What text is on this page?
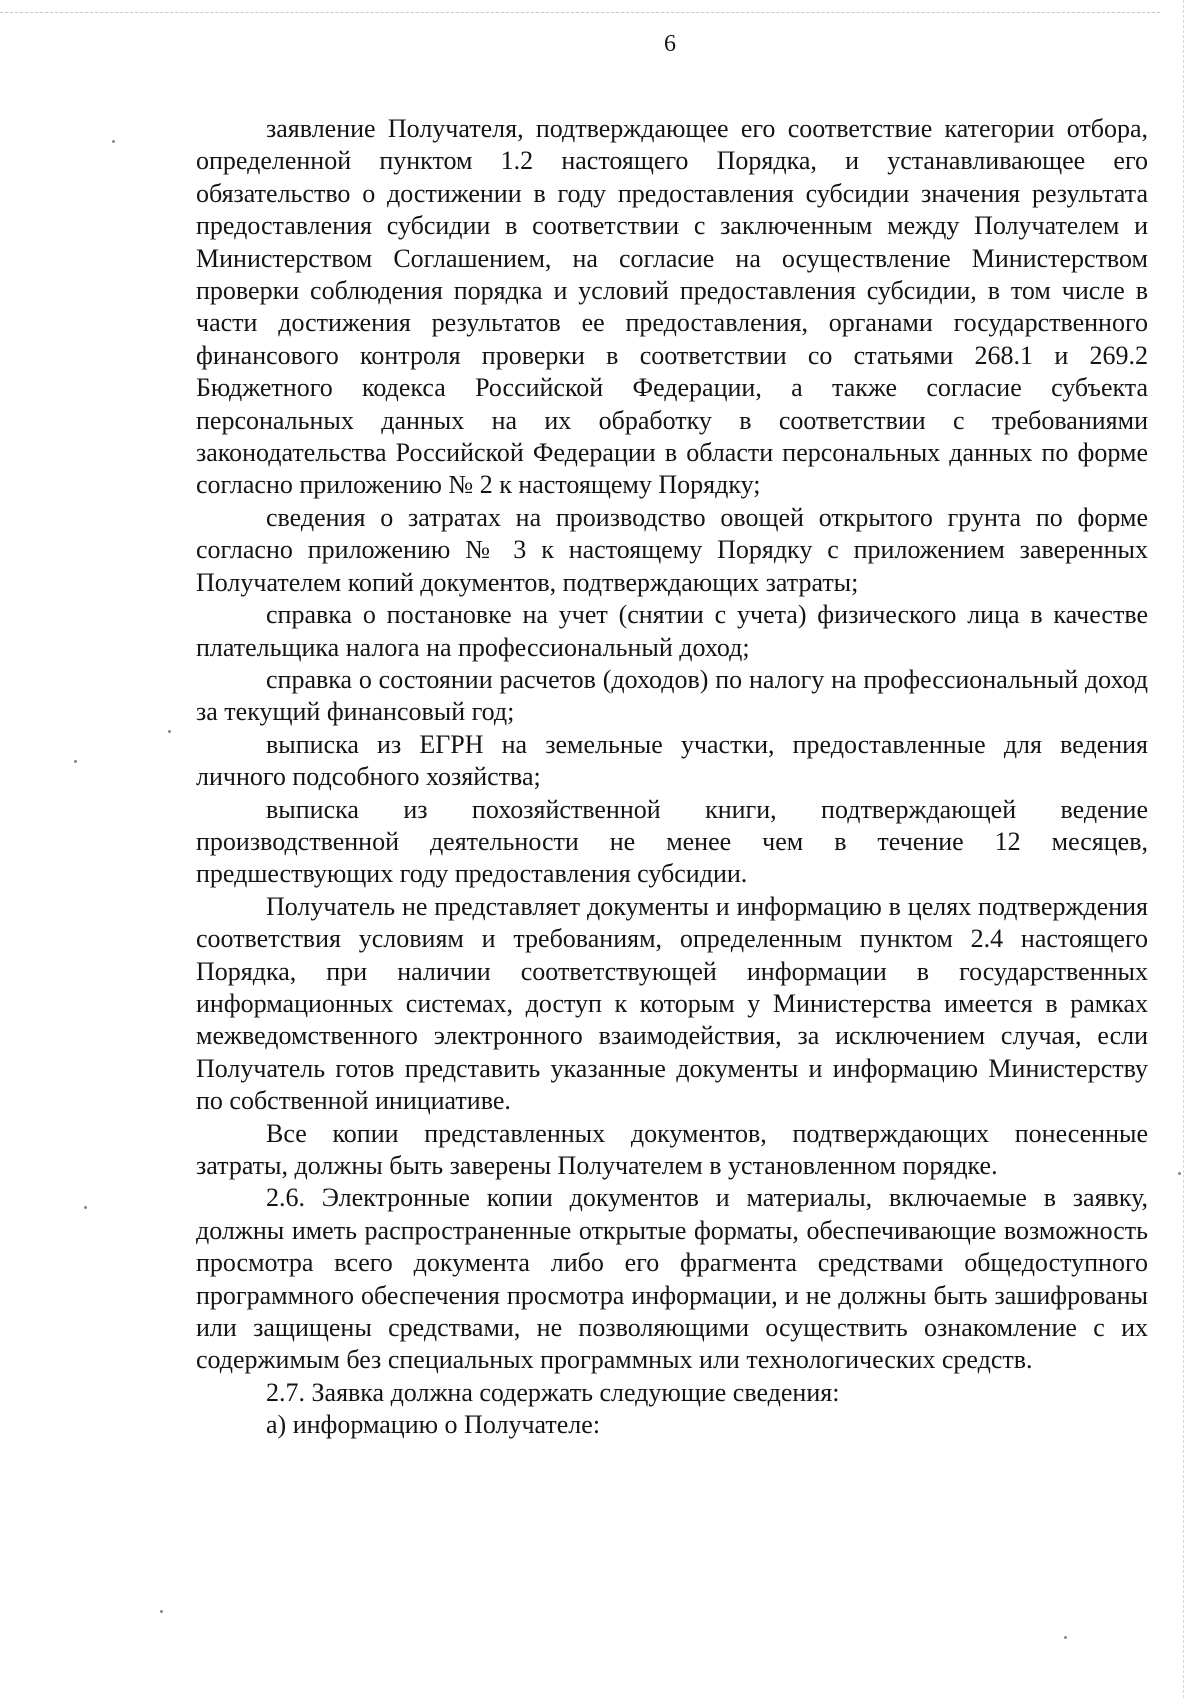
6

заявление Получателя, подтверждающее его соответствие категории отбора, определенной пунктом 1.2 настоящего Порядка, и устанавливающее его обязательство о достижении в году предоставления субсидии значения результата предоставления субсидии в соответствии с заключенным между Получателем и Министерством Соглашением, на согласие на осуществление Министерством проверки соблюдения порядка и условий предоставления субсидии, в том числе в части достижения результатов ее предоставления, органами государственного финансового контроля проверки в соответствии со статьями 268.1 и 269.2 Бюджетного кодекса Российской Федерации, а также согласие субъекта персональных данных на их обработку в соответствии с требованиями законодательства Российской Федерации в области персональных данных по форме согласно приложению № 2 к настоящему Порядку;

сведения о затратах на производство овощей открытого грунта по форме согласно приложению № 3 к настоящему Порядку с приложением заверенных Получателем копий документов, подтверждающих затраты;

справка о постановке на учет (снятии с учета) физического лица в качестве плательщика налога на профессиональный доход;

справка о состоянии расчетов (доходов) по налогу на профессиональный доход за текущий финансовый год;

выписка из ЕГРН на земельные участки, предоставленные для ведения личного подсобного хозяйства;

выписка из похозяйственной книги, подтверждающей ведение производственной деятельности не менее чем в течение 12 месяцев, предшествующих году предоставления субсидии.

Получатель не представляет документы и информацию в целях подтверждения соответствия условиям и требованиям, определенным пунктом 2.4 настоящего Порядка, при наличии соответствующей информации в государственных информационных системах, доступ к которым у Министерства имеется в рамках межведомственного электронного взаимодействия, за исключением случая, если Получатель готов представить указанные документы и информацию Министерству по собственной инициативе.

Все копии представленных документов, подтверждающих понесенные затраты, должны быть заверены Получателем в установленном порядке.

2.6. Электронные копии документов и материалы, включаемые в заявку, должны иметь распространенные открытые форматы, обеспечивающие возможность просмотра всего документа либо его фрагмента средствами общедоступного программного обеспечения просмотра информации, и не должны быть зашифрованы или защищены средствами, не позволяющими осуществить ознакомление с их содержимым без специальных программных или технологических средств.

2.7. Заявка должна содержать следующие сведения:

а) информацию о Получателе:
